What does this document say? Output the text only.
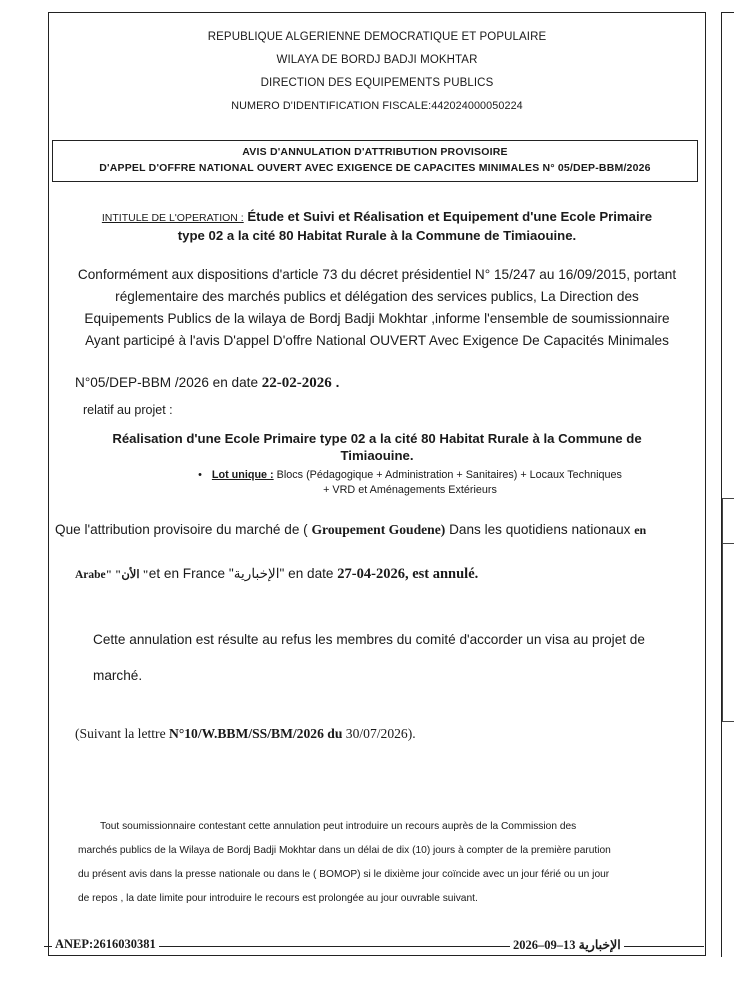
REPUBLIQUE ALGERIENNE DEMOCRATIQUE ET POPULAIRE
WILAYA DE BORDJ BADJI MOKHTAR
DIRECTION DES EQUIPEMENTS PUBLICS
NUMERO D'IDENTIFICATION FISCALE:442024000050224
AVIS D'ANNULATION D'ATTRIBUTION PROVISOIRE
D'APPEL D'OFFRE NATIONAL OUVERT AVEC EXIGENCE DE CAPACITES MINIMALES N° 05/DEP-BBM/2026
INTITULE DE L'OPERATION : Étude et Suivi et Réalisation et Equipement d'une Ecole Primaire
type 02 a la cité 80 Habitat Rurale à la Commune de Timiaouine.
Conformément aux dispositions d'article 73 du décret présidentiel N° 15/247 au 16/09/2015, portant
réglementaire des marchés publics et délégation des services publics, La Direction des
Equipements Publics de la wilaya de Bordj Badji Mokhtar ,informe l'ensemble de soumissionnaire
Ayant participé à l'avis D'appel D'offre National OUVERT Avec Exigence De Capacités Minimales
N°05/DEP-BBM /2026 en date 22-02-2026 .
relatif au projet :
Réalisation d'une Ecole Primaire type 02 a la cité 80 Habitat Rurale à la Commune de
Timiaouine.
• Lot unique : Blocs (Pédagogique + Administration + Sanitaires) + Locaux Techniques
+ VRD et Aménagements Extérieurs
Que l'attribution provisoire du marché de ( Groupement Goudene) Dans les quotidiens nationaux en
Arabe" "الأن "et en France "الإخبارية" en date 27-04-2026, est annulé.
Cette annulation est résulte au refus les membres du comité d'accorder un visa au projet de
marché.
(Suivant la lettre N°10/W.BBM/SS/BM/2026 du 30/07/2026).
Tout soumissionnaire contestant cette annulation peut introduire un recours auprès de la Commission des
marchés publics de la Wilaya de Bordj Badji Mokhtar dans un délai de dix (10) jours à compter de la première parution
du présent avis dans la presse nationale ou dans le ( BOMOP) si le dixième jour coïncide avec un jour férié ou un jour
de repos , la date limite pour introduire le recours est prolongée au jour ouvrable suivant.
ANEP:2616030381	الإخبارية 13–09–2026
